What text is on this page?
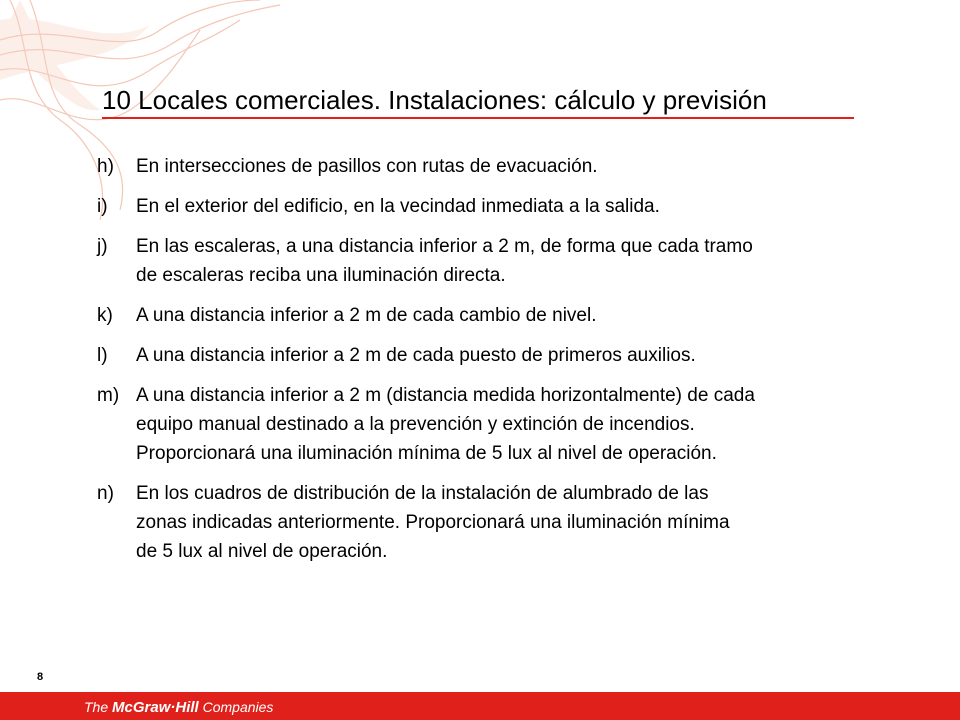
10 Locales comerciales. Instalaciones: cálculo y previsión
h)	En intersecciones de pasillos con rutas de evacuación.
i)	En el exterior del edificio, en la vecindad inmediata a la salida.
j)	En las escaleras, a una distancia inferior a 2 m, de forma que cada tramo
de escaleras reciba una iluminación directa.
k)	A una distancia inferior a 2 m de cada cambio de nivel.
l)	A una distancia inferior a 2 m de cada puesto de primeros auxilios.
m) A una distancia inferior a 2 m (distancia medida horizontalmente) de cada
equipo manual destinado a la prevención y extinción de incendios.
Proporcionará una iluminación mínima de 5 lux al nivel de operación.
n)	En los cuadros de distribución de la instalación de alumbrado de las
zonas indicadas anteriormente. Proporcionará una iluminación mínima
de 5 lux al nivel de operación.
8
The McGraw·Hill Companies
